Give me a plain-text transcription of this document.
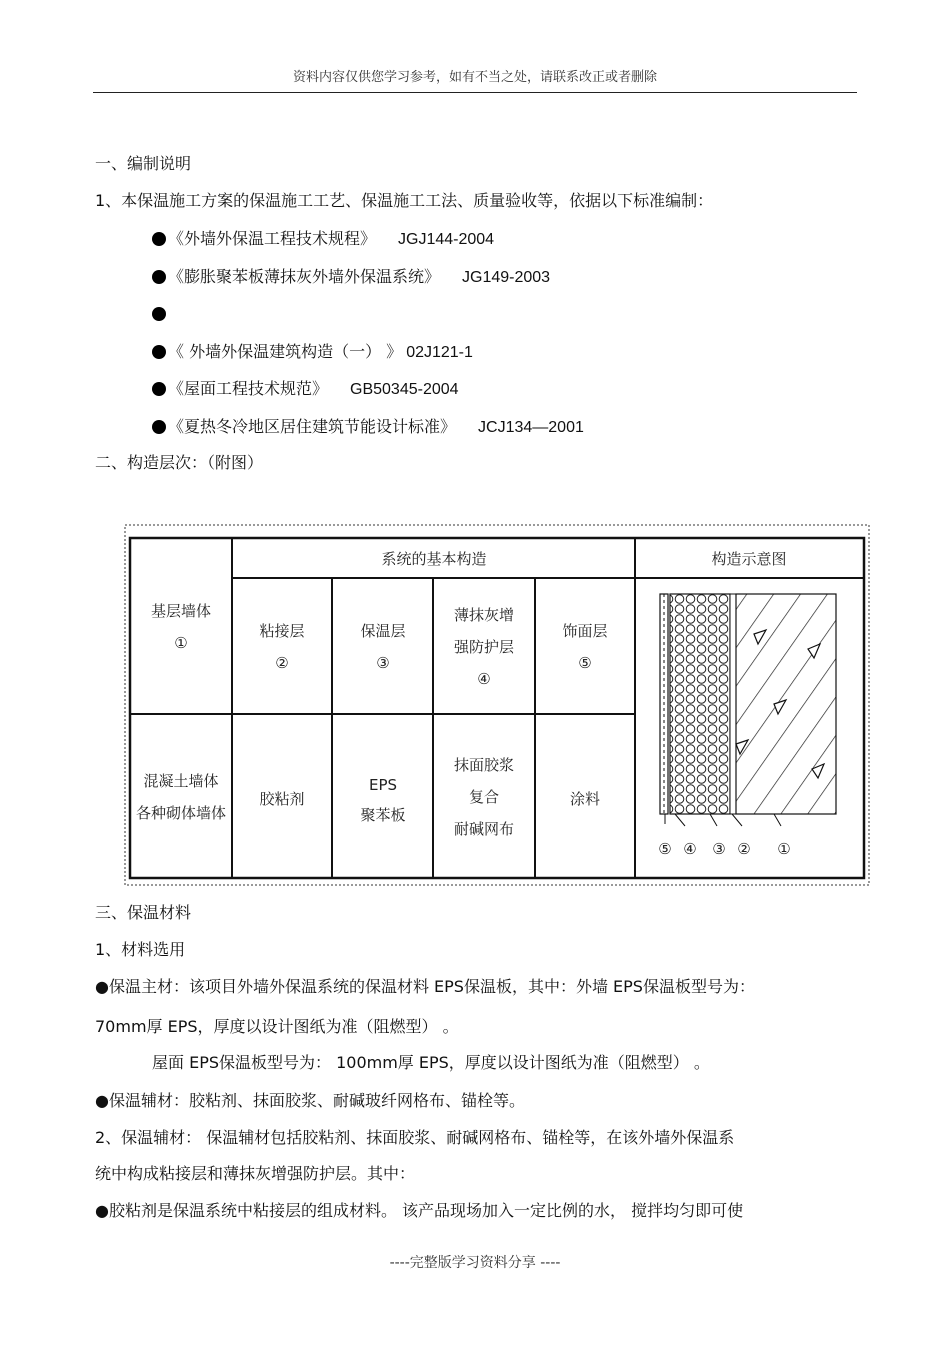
资料内容仅供您学习参考，如有不当之处，请联系改正或者删除
一、编制说明
1、本保温施工方案的保温施工工艺、保温施工工法、质量验收等，依据以下标准编制：
《外墙外保温工程技术规程》 JGJ144-2004
《膨胀聚苯板薄抹灰外墙外保温系统》 JG149-2003
《 外墙外保温建筑构造（一） 》 02J121-1
《屋面工程技术规范》 GB50345-2004
《夏热冬冷地区居住建筑节能设计标准》 JCJ134—2001
二、构造层次：（附图）
系统的基本构造	构造示意图
基层墙体
①
粘接层
②
保温层
③
薄抹灰增
强防护层
④
饰面层
⑤
混凝土墙体
各种砌体墙体
胶粘剂
EPS
聚苯板
抹面胶浆
复合
耐碱网布
涂料
⑤ ④ ③ ② ①
三、保温材料
1、材料选用
●保温主材：该项目外墙外保温系统的保温材料 EPS保温板，其中：外墙 EPS保温板型号为：
70mm厚 EPS，厚度以设计图纸为准（阻燃型） 。
屋面 EPS保温板型号为： 100mm厚 EPS，厚度以设计图纸为准（阻燃型） 。
●保温辅材：胶粘剂、抹面胶浆、耐碱玻纤网格布、锚栓等。
2、保温辅材： 保温辅材包括胶粘剂、抹面胶浆、耐碱网格布、锚栓等，在该外墙外保温系
统中构成粘接层和薄抹灰增强防护层。其中：
●胶粘剂是保温系统中粘接层的组成材料。 该产品现场加入一定比例的水， 搅拌均匀即可使
----完整版学习资料分享 ----
